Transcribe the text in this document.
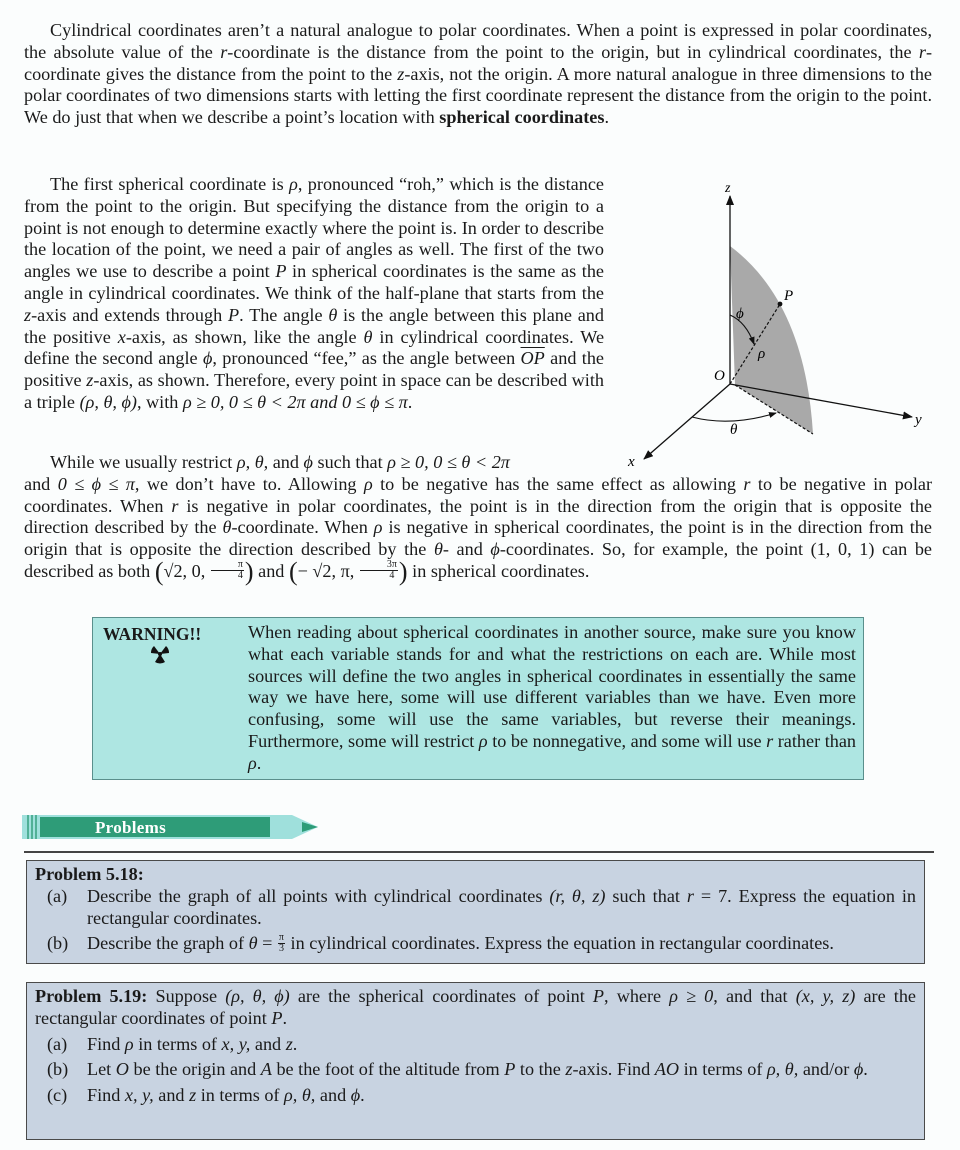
Cylindrical coordinates aren’t a natural analogue to polar coordinates. When a point is expressed in polar coordinates, the absolute value of the r-coordinate is the distance from the point to the origin, but in cylindrical coordinates, the r-coordinate gives the distance from the point to the z-axis, not the origin. A more natural analogue in three dimensions to the polar coordinates of two dimensions starts with letting the first coordinate represent the distance from the origin to the point. We do just that when we describe a point’s location with spherical coordinates.
The first spherical coordinate is ρ, pronounced “roh,” which is the distance from the point to the origin. But specifying the distance from the origin to a point is not enough to determine exactly where the point is. In order to describe the location of the point, we need a pair of angles as well. The first of the two angles we use to describe a point P in spherical coordinates is the same as the angle in cylindrical coordinates. We think of the half-plane that starts from the z-axis and extends through P. The angle θ is the angle between this plane and the positive x-axis, as shown, like the angle θ in cylindrical coordinates. We define the second angle ϕ, pronounced “fee,” as the angle between $\overline{OP}$ and the positive z-axis, as shown. Therefore, every point in space can be described with a triple (ρ, θ, ϕ), with ρ ≥ 0, 0 ≤ θ < 2π and 0 ≤ ϕ ≤ π.
z
y
x
O
P
ϕ
ρ
θ
While we usually restrict ρ, θ, and ϕ such that ρ ≥ 0, 0 ≤ θ < 2π
and 0 ≤ ϕ ≤ π, we don’t have to. Allowing ρ to be negative has the same effect as allowing r to be negative in polar coordinates. When r is negative in polar coordinates, the point is in the direction from the origin that is opposite the direction described by the θ-coordinate. When ρ is negative in spherical coordinates, the point is in the direction from the origin that is opposite the direction described by the θ- and ϕ-coordinates. So, for example, the point (1, 0, 1) can be described as both (√2, 0, $\frac{\pi}{4}$ ) and (− √2, π, $\frac{3\pi}{4}$ ) in spherical coordinates.
WARNING!!	When reading about spherical coordinates in another source, make sure you know what each variable stands for and what the restrictions on each are. While most sources will define the two angles in spherical coordinates in essentially the same way we have here, some will use different variables than we have. Even more confusing, some will use the same variables, but reverse their meanings. Furthermore, some will restrict ρ to be nonnegative, and some will use r rather than ρ.
Problems
Problem 5.18:
(a) Describe the graph of all points with cylindrical coordinates (r, θ, z) such that r = 7. Express the equation in rectangular coordinates.
(b) Describe the graph of $\theta = \frac{\pi}{3}$ in cylindrical coordinates. Express the equation in rectangular coordinates.
Problem 5.19: Suppose (ρ, θ, ϕ) are the spherical coordinates of point P, where ρ ≥ 0, and that (x, y, z) are the rectangular coordinates of point P.
(a) Find ρ in terms of x, y, and z.
(b) Let O be the origin and A be the foot of the altitude from P to the z-axis. Find AO in terms of ρ, θ, and/or ϕ.
(c) Find x, y, and z in terms of ρ, θ, and ϕ.
